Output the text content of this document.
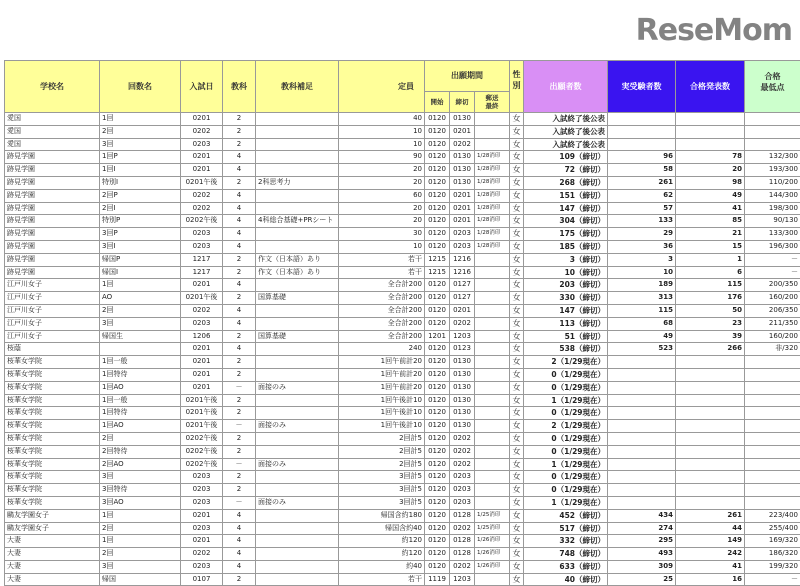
学校名	回数名	入試日	教科	教科補足	定員	出願期間			性
別	出願者数	実受験者数	合格発表数	合格
最低点
						開始	締切	郵送
最終					
愛国	1回	0201	2		40	0120	0130		女	入試終了後公表			
愛国	2回	0202	2		10	0120	0201		女	入試終了後公表			
愛国	3回	0203	2		10	0120	0202		女	入試終了後公表			
跡見学園	1回P	0201	4		90	0120	0130	1/28消印	女	109（締切）	96	78	132/300
跡見学園	1回I	0201	4		20	0120	0130	1/28消印	女	72（締切）	58	20	193/300
跡見学園	特別I	0201午後	2	2科思考力	20	0120	0130	1/28消印	女	268（締切）	261	98	110/200
跡見学園	2回P	0202	4		60	0120	0201	1/28消印	女	151（締切）	62	49	144/300
跡見学園	2回I	0202	4		20	0120	0201	1/28消印	女	147（締切）	57	41	198/300
跡見学園	特別P	0202午後	4	4科総合基礎+PRシート	20	0120	0201	1/28消印	女	304（締切）	133	85	90/130
跡見学園	3回P	0203	4		30	0120	0203	1/28消印	女	175（締切）	29	21	133/300
跡見学園	3回I	0203	4		10	0120	0203	1/28消印	女	185（締切）	36	15	196/300
跡見学園	帰国P	1217	2	作文（日本語）あり	若干	1215	1216		女	3（締切）	3	1	－
跡見学園	帰国I	1217	2	作文（日本語）あり	若干	1215	1216		女	10（締切）	10	6	－
江戸川女子	1回	0201	4		全合計200	0120	0127		女	203（締切）	189	115	200/350
江戸川女子	AO	0201午後	2	国算基礎	全合計200	0120	0127		女	330（締切）	313	176	160/200
江戸川女子	2回	0202	4		全合計200	0120	0201		女	147（締切）	115	50	206/350
江戸川女子	3回	0203	4		全合計200	0120	0202		女	113（締切）	68	23	211/350
江戸川女子	帰国生	1206	2	国算基礎	全合計200	1201	1203		女	51（締切）	49	39	160/200
桜蔭		0201	4		240	0120	0123		女	538（締切）	523	266	非/320
桜華女学院	1回一般	0201	2		1回午前計20	0120	0130		女	2（1/29現在）			
桜華女学院	1回特待	0201	2		1回午前計20	0120	0130		女	0（1/29現在）			
桜華女学院	1回AO	0201	－	面接のみ	1回午前計20	0120	0130		女	0（1/29現在）			
桜華女学院	1回一般	0201午後	2		1回午後計10	0120	0130		女	1（1/29現在）			
桜華女学院	1回特待	0201午後	2		1回午後計10	0120	0130		女	0（1/29現在）			
桜華女学院	1回AO	0201午後	－	面接のみ	1回午後計10	0120	0130		女	2（1/29現在）			
桜華女学院	2回	0202午後	2		2回計5	0120	0202		女	0（1/29現在）			
桜華女学院	2回特待	0202午後	2		2回計5	0120	0202		女	0（1/29現在）			
桜華女学院	2回AO	0202午後	－	面接のみ	2回計5	0120	0202		女	1（1/29現在）			
桜華女学院	3回	0203	2		3回計5	0120	0203		女	0（1/29現在）			
桜華女学院	3回特待	0203	2		3回計5	0120	0203		女	0（1/29現在）			
桜華女学院	3回AO	0203	－	面接のみ	3回計5	0120	0203		女	1（1/29現在）			
鷗友学園女子	1回	0201	4		帰国含約180	0120	0128	1/25消印	女	452（締切）	434	261	223/400
鷗友学園女子	2回	0203	4		帰国含約40	0120	0202	1/25消印	女	517（締切）	274	44	255/400
大妻	1回	0201	4		約120	0120	0128	1/26消印	女	332（締切）	295	149	169/320
大妻	2回	0202	4		約120	0120	0128	1/26消印	女	748（締切）	493	242	186/320
大妻	3回	0203	4		約40	0120	0202	1/26消印	女	633（締切）	309	41	199/320
大妻	帰国	0107	2		若干	1119	1203		女	40（締切）	25	16	－
ReseMom
